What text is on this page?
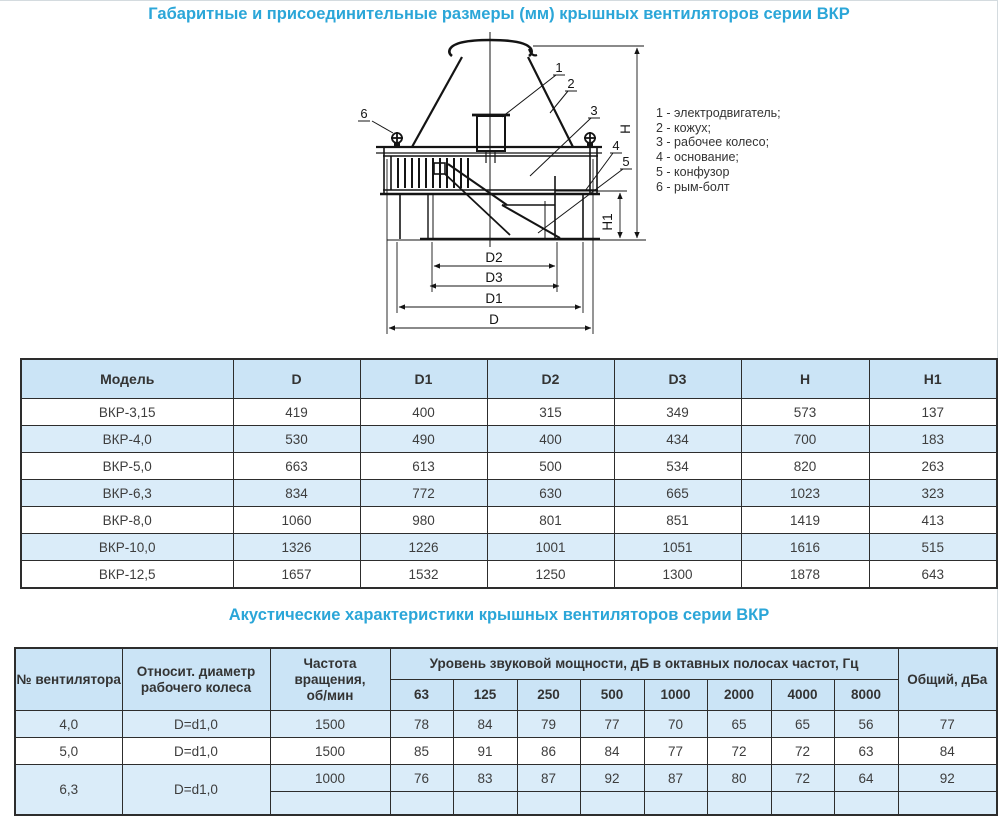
Габаритные и присоединительные размеры (мм) крышных вентиляторов серии ВКР
1
2
3
4
5
6
D2
D3
D1
D
H
H1
1 - электродвигатель;
2 - кожух;
3 - рабочее колесо;
4 - основание;
5 - конфузор
6 - рым-болт
Модель	D	D1	D2	D3	H	H1
ВКР-3,15	419	400	315	349	573	137
ВКР-4,0	530	490	400	434	700	183
ВКР-5,0	663	613	500	534	820	263
ВКР-6,3	834	772	630	665	1023	323
ВКР-8,0	1060	980	801	851	1419	413
ВКР-10,0	1326	1226	1001	1051	1616	515
ВКР-12,5	1657	1532	1250	1300	1878	643
Акустические характеристики крышных вентиляторов серии ВКР
№ вентилятора	Относит. диаметр рабочего колеса	Частота вращения, об/мин	Уровень звуковой мощности, дБ в октавных полосах частот, Гц								Общий, дБа
			63	125	250	500	1000	2000	4000	8000	
4,0	D=d1,0	1500	78	84	79	77	70	65	65	56	77
5,0	D=d1,0	1500	85	91	86	84	77	72	72	63	84
6,3	D=d1,0	1000	76	83	87	92	87	80	72	64	92
